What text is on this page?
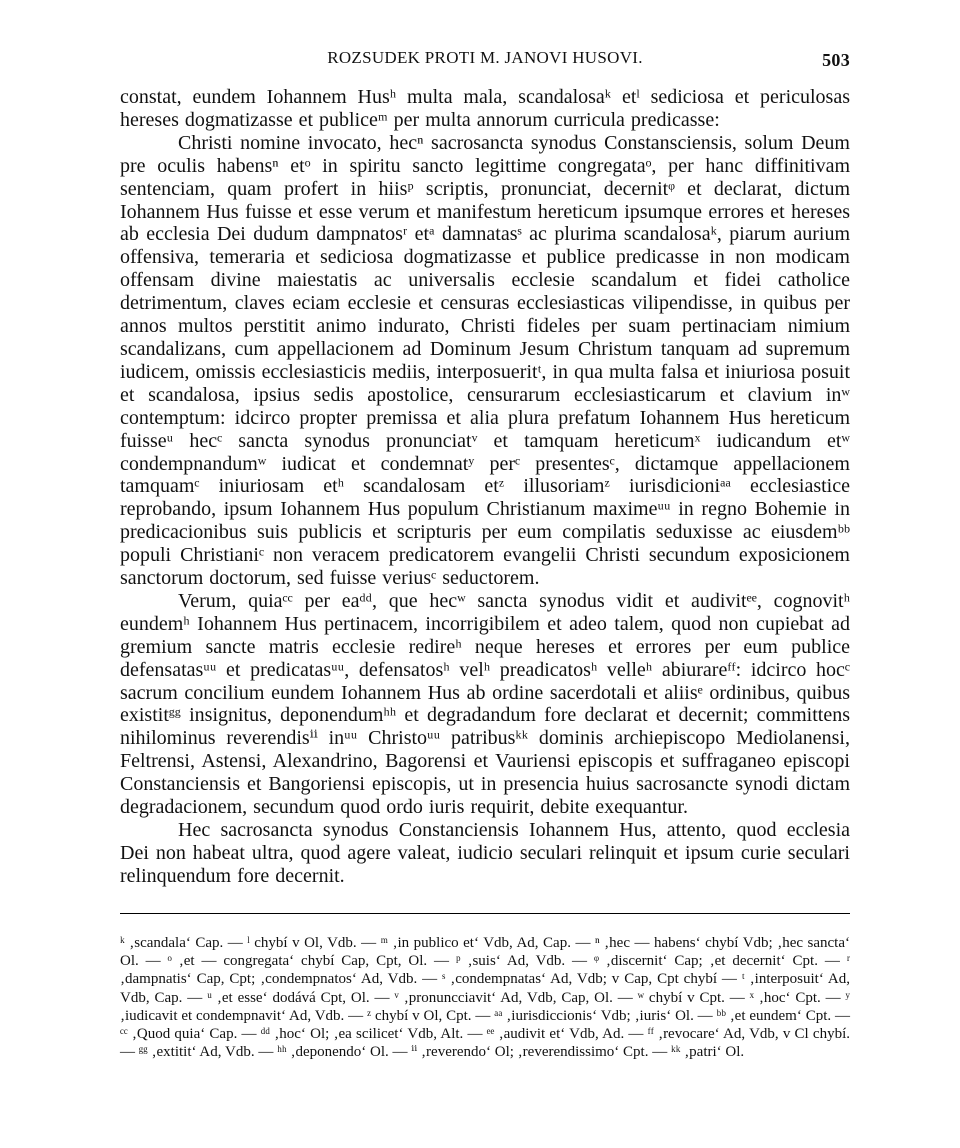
ROZSUDEK PROTI M. JANOVI HUSOVI.	503

constat, eundem Iohannem Husʰ multa mala, scandalosaᵏ etˡ sediciosa et periculosas hereses dogmatizasse et publiceᵐ per multa annorum curricula predicasse:

Christi nomine invocato, hecⁿ sacrosancta synodus Constansciensis, solum Deum pre oculis habensⁿ etᵒ in spiritu sancto legittime congregataᵒ, per hanc diffinitivam sentenciam, quam profert in hiisᵖ scriptis, pronunciat, decernitᵠ et declarat, dictum Iohannem Hus fuisse et esse verum et manifestum hereticum ipsumque errores et hereses ab ecclesia Dei dudum dampnatosʳ etᵃ damnatasˢ ac plurima scandalosaᵏ, piarum aurium offensiva, temeraria et sediciosa dogmatizasse et publice predicasse in non modicam offensam divine maiestatis ac universalis ecclesie scandalum et fidei catholice detrimentum, claves eciam ecclesie et censuras ecclesiasticas vilipendisse, in quibus per annos multos perstitit animo indurato, Christi fideles per suam pertinaciam nimium scandalizans, cum appellacionem ad Dominum Jesum Christum tanquam ad supremum iudicem, omissis ecclesiasticis mediis, interposueritᵗ, in qua multa falsa et iniuriosa posuit et scandalosa, ipsius sedis apostolice, censurarum ecclesiasticarum et clavium inʷ contemptum: idcirco propter premissa et alia plura prefatum Iohannem Hus hereticum fuisseᵘ hecᶜ sancta synodus pronunciatᵛ et tamquam hereticumˣ iudicandum etʷ condempnandumʷ iudicat et condemnatʸ perᶜ presentesᶜ, dictamque appellacionem tamquamᶜ iniuriosam etʰ scandalosam etᶻ illusoriamᶻ iurisdicioniᵃᵃ ecclesiastice reprobando, ipsum Iohannem Hus populum Christianum maximeᵘᵘ in regno Bohemie in predicacionibus suis publicis et scripturis per eum compilatis seduxisse ac eiusdemᵇᵇ populi Christianiᶜ non veracem predicatorem evangelii Christi secundum exposicionem sanctorum doctorum, sed fuisse veriusᶜ seductorem.

Verum, quiaᶜᶜ per eaᵈᵈ, que hecʷ sancta synodus vidit et audivitᵉᵉ, cognovitʰ eundemʰ Iohannem Hus pertinacem, incorrigibilem et adeo talem, quod non cupiebat ad gremium sancte matris ecclesie redireʰ neque hereses et errores per eum publice defensatasᵘᵘ et predicatasᵘᵘ, defensatosʰ velʰ preadicatosʰ velleʰ abiurareᶠᶠ: idcirco hocᶜ sacrum concilium eundem Iohannem Hus ab ordine sacerdotali et aliisᵉ ordinibus, quibus existitᵍᵍ insignitus, deponendumʰʰ et degradandum fore declarat et decernit; committens nihilominus reverendisⁱⁱ inᵘᵘ Christoᵘᵘ patribusᵏᵏ dominis archiepiscopo Mediolanensi, Feltrensi, Astensi, Alexandrino, Bagorensi et Vauriensi episcopis et suffraganeo episcopi Constanciensis et Bangoriensi episcopis, ut in presencia huius sacrosancte synodi dictam degradacionem, secundum quod ordo iuris requirit, debite exequantur.

Hec sacrosancta synodus Constanciensis Iohannem Hus, attento, quod ecclesia Dei non habeat ultra, quod agere valeat, iudicio seculari relinquit et ipsum curie seculari relinquendum fore decernit.

ᵏ ‚scandala‘ Cap. — ˡ chybí v Ol, Vdb. — ᵐ ‚in publico et‘ Vdb, Ad, Cap. — ⁿ ‚hec — habens‘ chybí Vdb; ‚hec sancta‘ Ol. — ᵒ ‚et — congregata‘ chybí Cap, Cpt, Ol. — ᵖ ‚suis‘ Ad, Vdb. — ᵠ ‚discernit‘ Cap; ‚et decernit‘ Cpt. — ʳ ‚dampnatis‘ Cap, Cpt; ‚condempnatos‘ Ad, Vdb. — ˢ ‚condempnatas‘ Ad, Vdb; v Cap, Cpt chybí — ᵗ ‚interposuit‘ Ad, Vdb, Cap. — ᵘ ‚et esse‘ dodává Cpt, Ol. — ᵛ ‚pronuncciavit‘ Ad, Vdb, Cap, Ol. — ʷ chybí v Cpt. — ˣ ‚hoc‘ Cpt. — ʸ ‚iudicavit et condempnavit‘ Ad, Vdb. — ᶻ chybí v Ol, Cpt. — ᵃᵃ ‚iurisdiccionis‘ Vdb; ‚iuris‘ Ol. — ᵇᵇ ‚et eundem‘ Cpt. — ᶜᶜ ‚Quod quia‘ Cap. — ᵈᵈ ‚hoc‘ Ol; ‚ea scilicet‘ Vdb, Alt. — ᵉᵉ ‚audivit et‘ Vdb, Ad. — ᶠᶠ ‚revocare‘ Ad, Vdb, v Cl chybí. — ᵍᵍ ‚extitit‘ Ad, Vdb. — ʰʰ ‚deponendo‘ Ol. — ⁱⁱ ‚reverendo‘ Ol; ‚reverendissimo‘ Cpt. — ᵏᵏ ‚patri‘ Ol.
